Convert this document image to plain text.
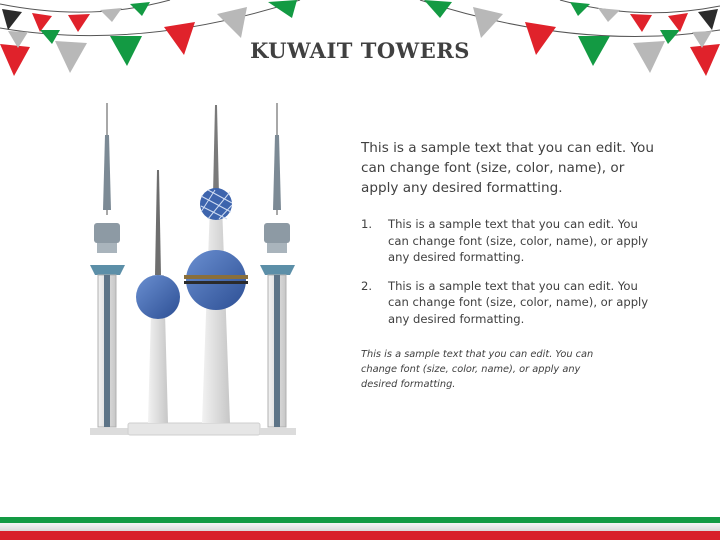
KUWAIT TOWERS

This is a sample text that you can edit. You can change font (size, color, name), or apply any desired formatting.

1. This is a sample text that you can edit. You can change font (size, color, name), or apply any desired formatting.
2. This is a sample text that you can edit. You can change font (size, color, name), or apply any desired formatting.

This is a sample text that you can edit. You can change font (size, color, name), or apply any desired formatting.
